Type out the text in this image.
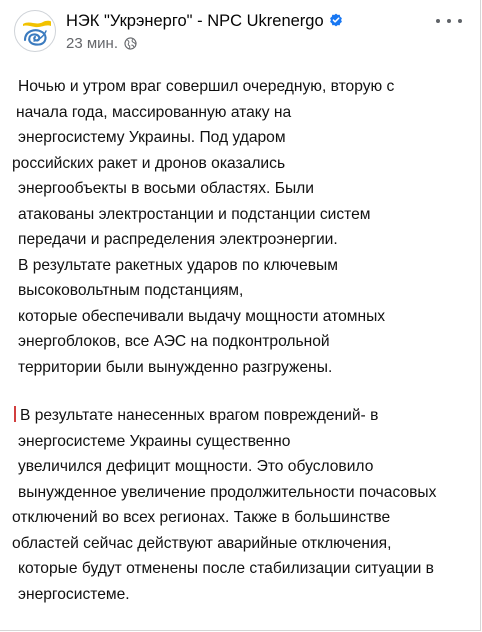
НЭК "Укрэнерго" - NPC Ukrenergo
23 мин.
Ночью и утром враг совершил очередную, вторую с
начала года, массированную атаку на
энергосистему Украины. Под ударом
российских ракет и дронов оказались
энергообъекты в восьми областях. Были
атакованы электростанции и подстанции систем
передачи и распределения электроэнергии.
В результате ракетных ударов по ключевым
высоковольтным подстанциям,
которые обеспечивали выдачу мощности атомных
энергоблоков, все АЭС на подконтрольной
территории были вынужденно разгружены.
В результате нанесенных врагом повреждений- в
энергосистеме Украины существенно
увеличился дефицит мощности. Это обусловило
вынужденное увеличение продолжительности почасовых
отключений во всех регионах. Также в большинстве
областей сейчас действуют аварийные отключения,
которые будут отменены после стабилизации ситуации в
энергосистеме.
